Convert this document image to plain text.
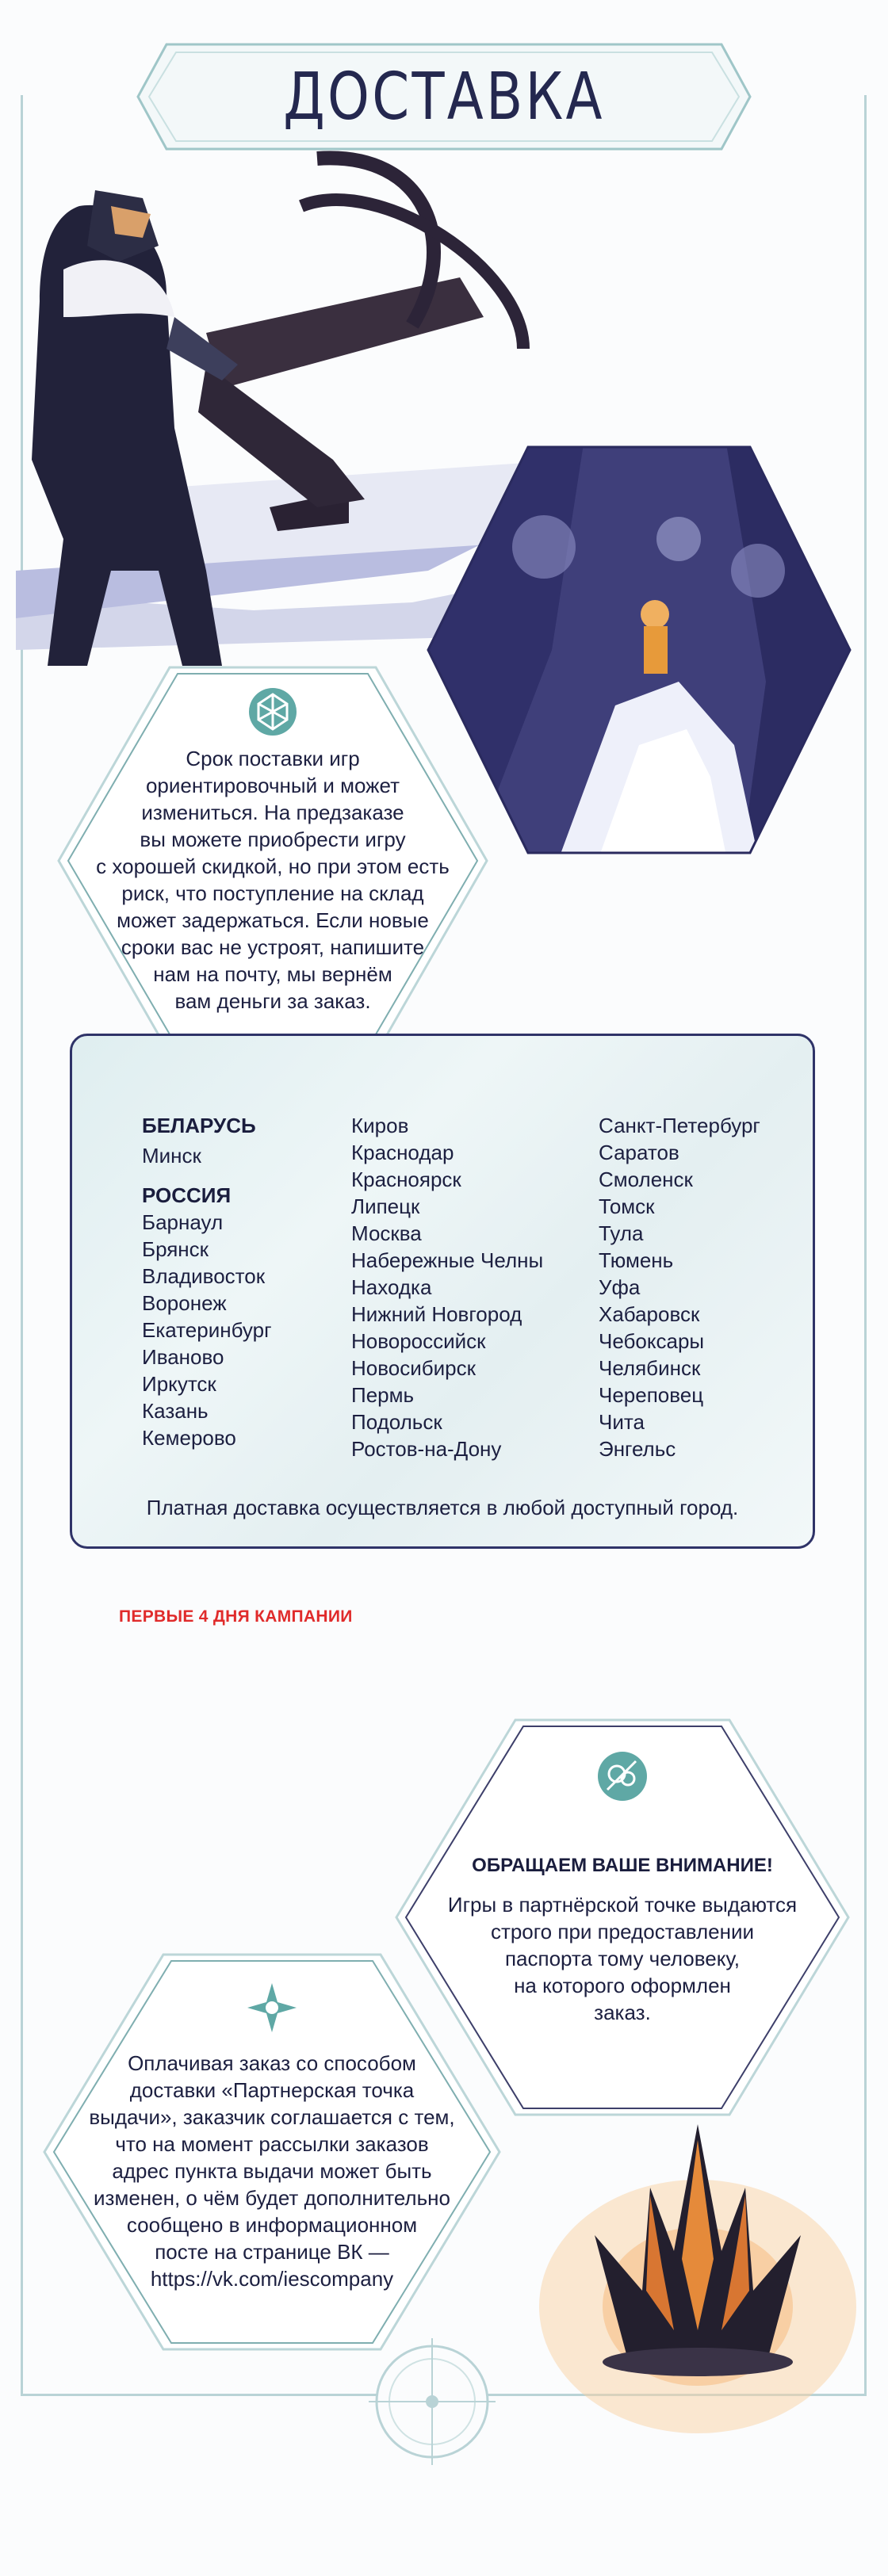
ДОСТАВКА
Срок поставки игр
ориентировочный и может
измениться. На предзаказе
вы можете приобрести игру
с хорошей скидкой, но при этом есть
риск, что поступление на склад
может задержаться. Если новые
сроки вас не устроят, напишите
нам на почту, мы вернём
вам деньги за заказ.
БЕЛАРУСЬ
Минск
РОССИЯ
Барнаул
Брянск
Владивосток
Воронеж
Екатеринбург
Иваново
Иркутск
Казань
Кемерово
Киров
Краснодар
Красноярск
Липецк
Москва
Набережные Челны
Находка
Нижний Новгород
Новороссийск
Новосибирск
Пермь
Подольск
Ростов-на-Дону
Санкт-Петербург
Саратов
Смоленск
Томск
Тула
Тюмень
Уфа
Хабаровск
Чебоксары
Челябинск
Череповец
Чита
Энгельс
Платная доставка осуществляется в любой доступный город.
ПЕРВЫЕ 4 ДНЯ КАМПАНИИ
ОБРАЩАЕМ ВАШЕ ВНИМАНИЕ!
Игры в партнёрской точке выдаются
строго при предоставлении
паспорта тому человеку,
на которого оформлен
заказ.
Оплачивая заказ со способом
доставки «Партнерская точка
выдачи», заказчик соглашается с тем,
что на момент рассылки заказов
адрес пункта выдачи может быть
изменен, о чём будет дополнительно
сообщено в информационном
посте на странице ВК —
https://vk.com/iescompany
